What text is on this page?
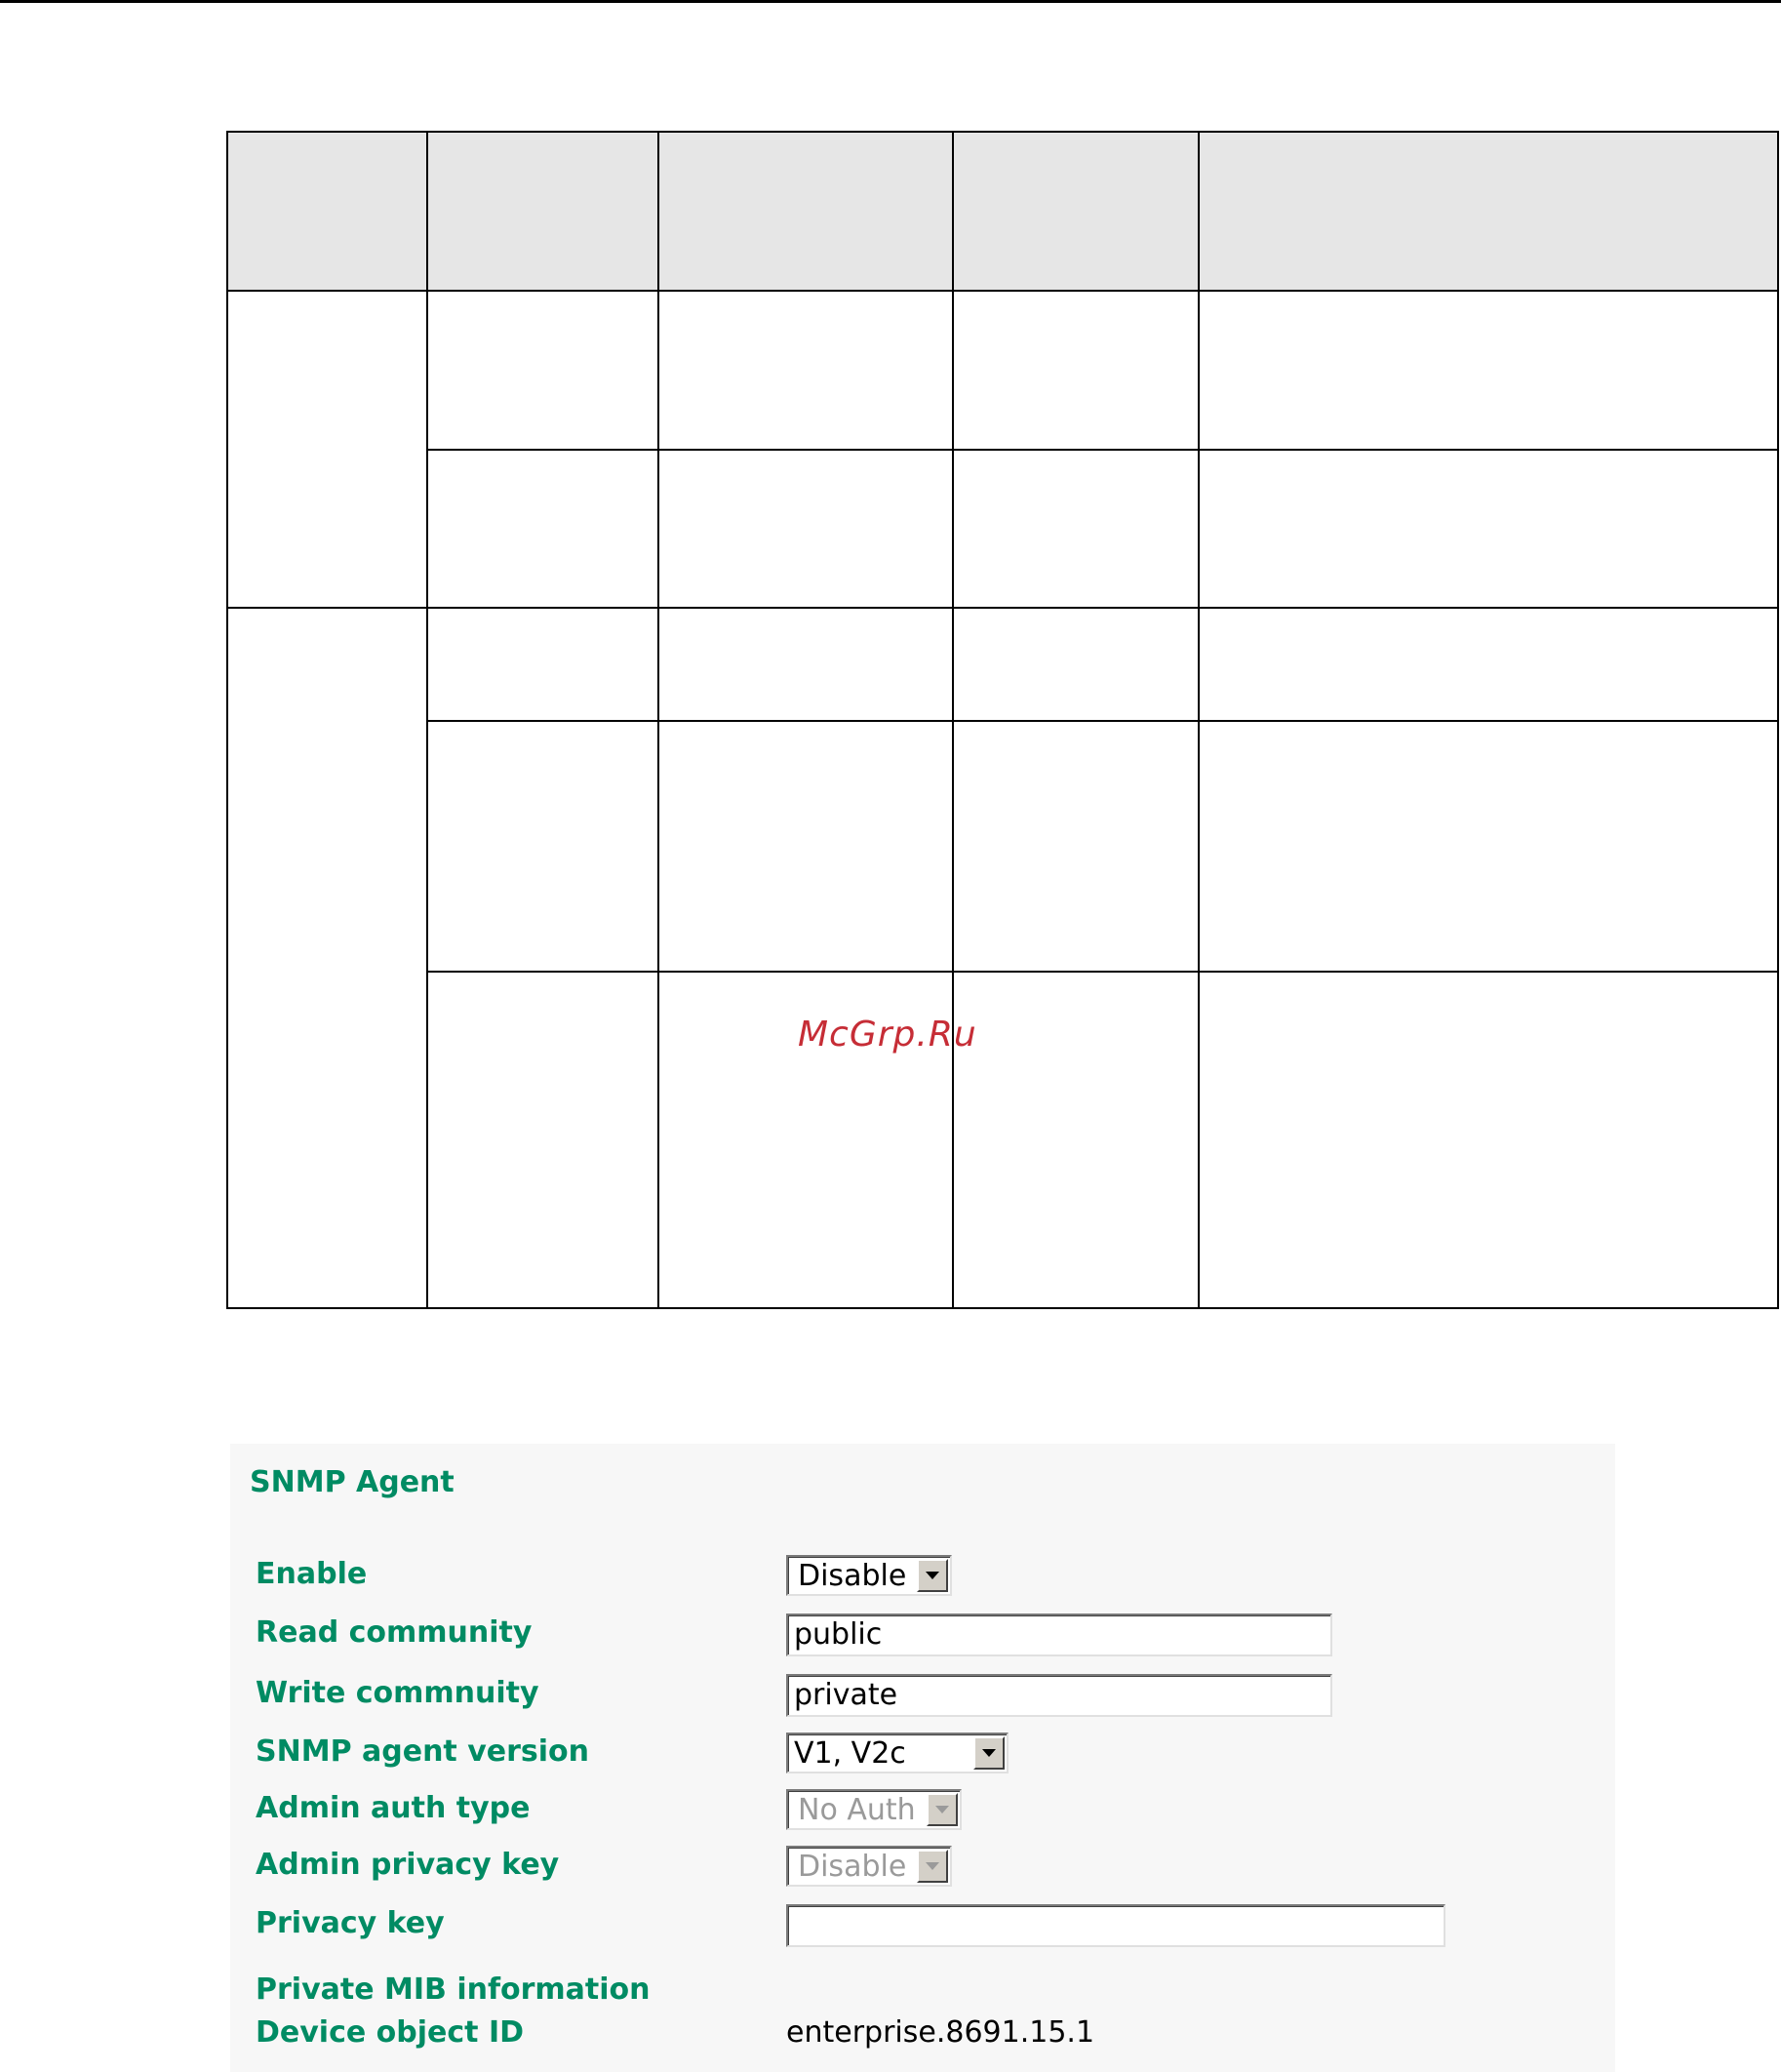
McGrp.Ru
SNMP Agent
Enable	Disable
Read community	public
Write commnuity	private
SNMP agent version	V1, V2c
Admin auth type	No Auth
Admin privacy key	Disable
Privacy key
Private MIB information
Device object ID	enterprise.8691.15.1
